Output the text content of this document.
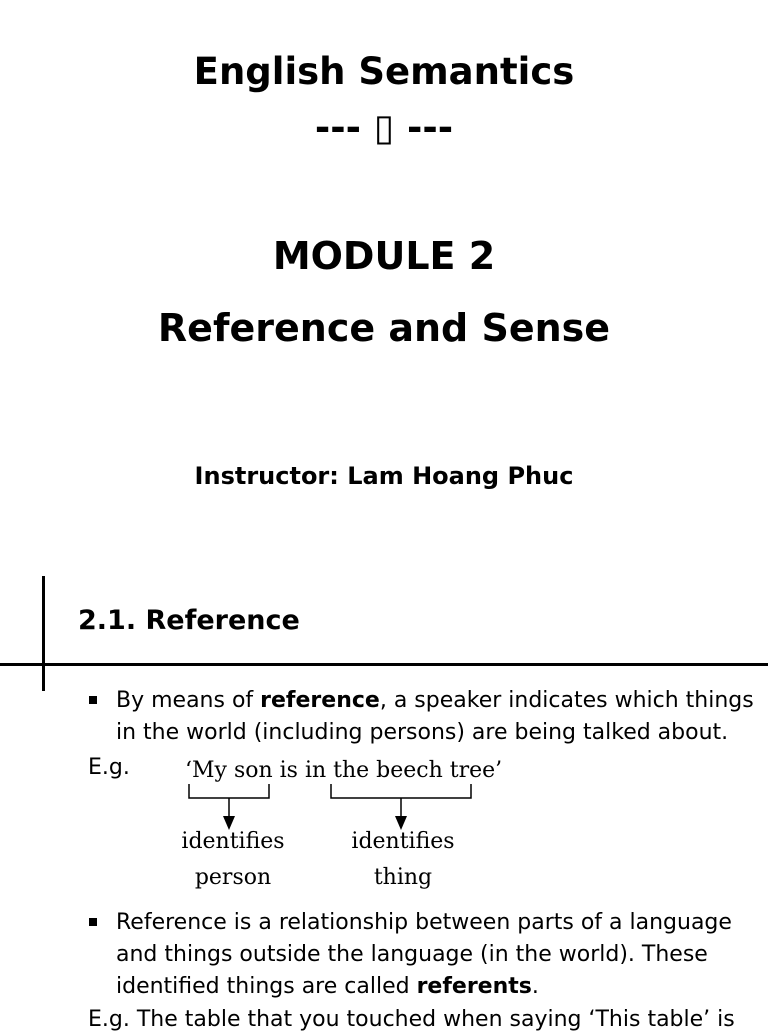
English Semantics
--- ▯ ---
MODULE 2
Reference and Sense
Instructor: Lam Hoang Phuc
2.1. Reference
By means of reference, a speaker indicates which things in the world (including persons) are being talked about.
E.g.	‘My son is in the beech tree’
identifies
person
identifies
thing
Reference is a relationship between parts of a language and things outside the language (in the world). These identified things are called referents.
E.g. The table that you touched when saying ‘This table’ is
